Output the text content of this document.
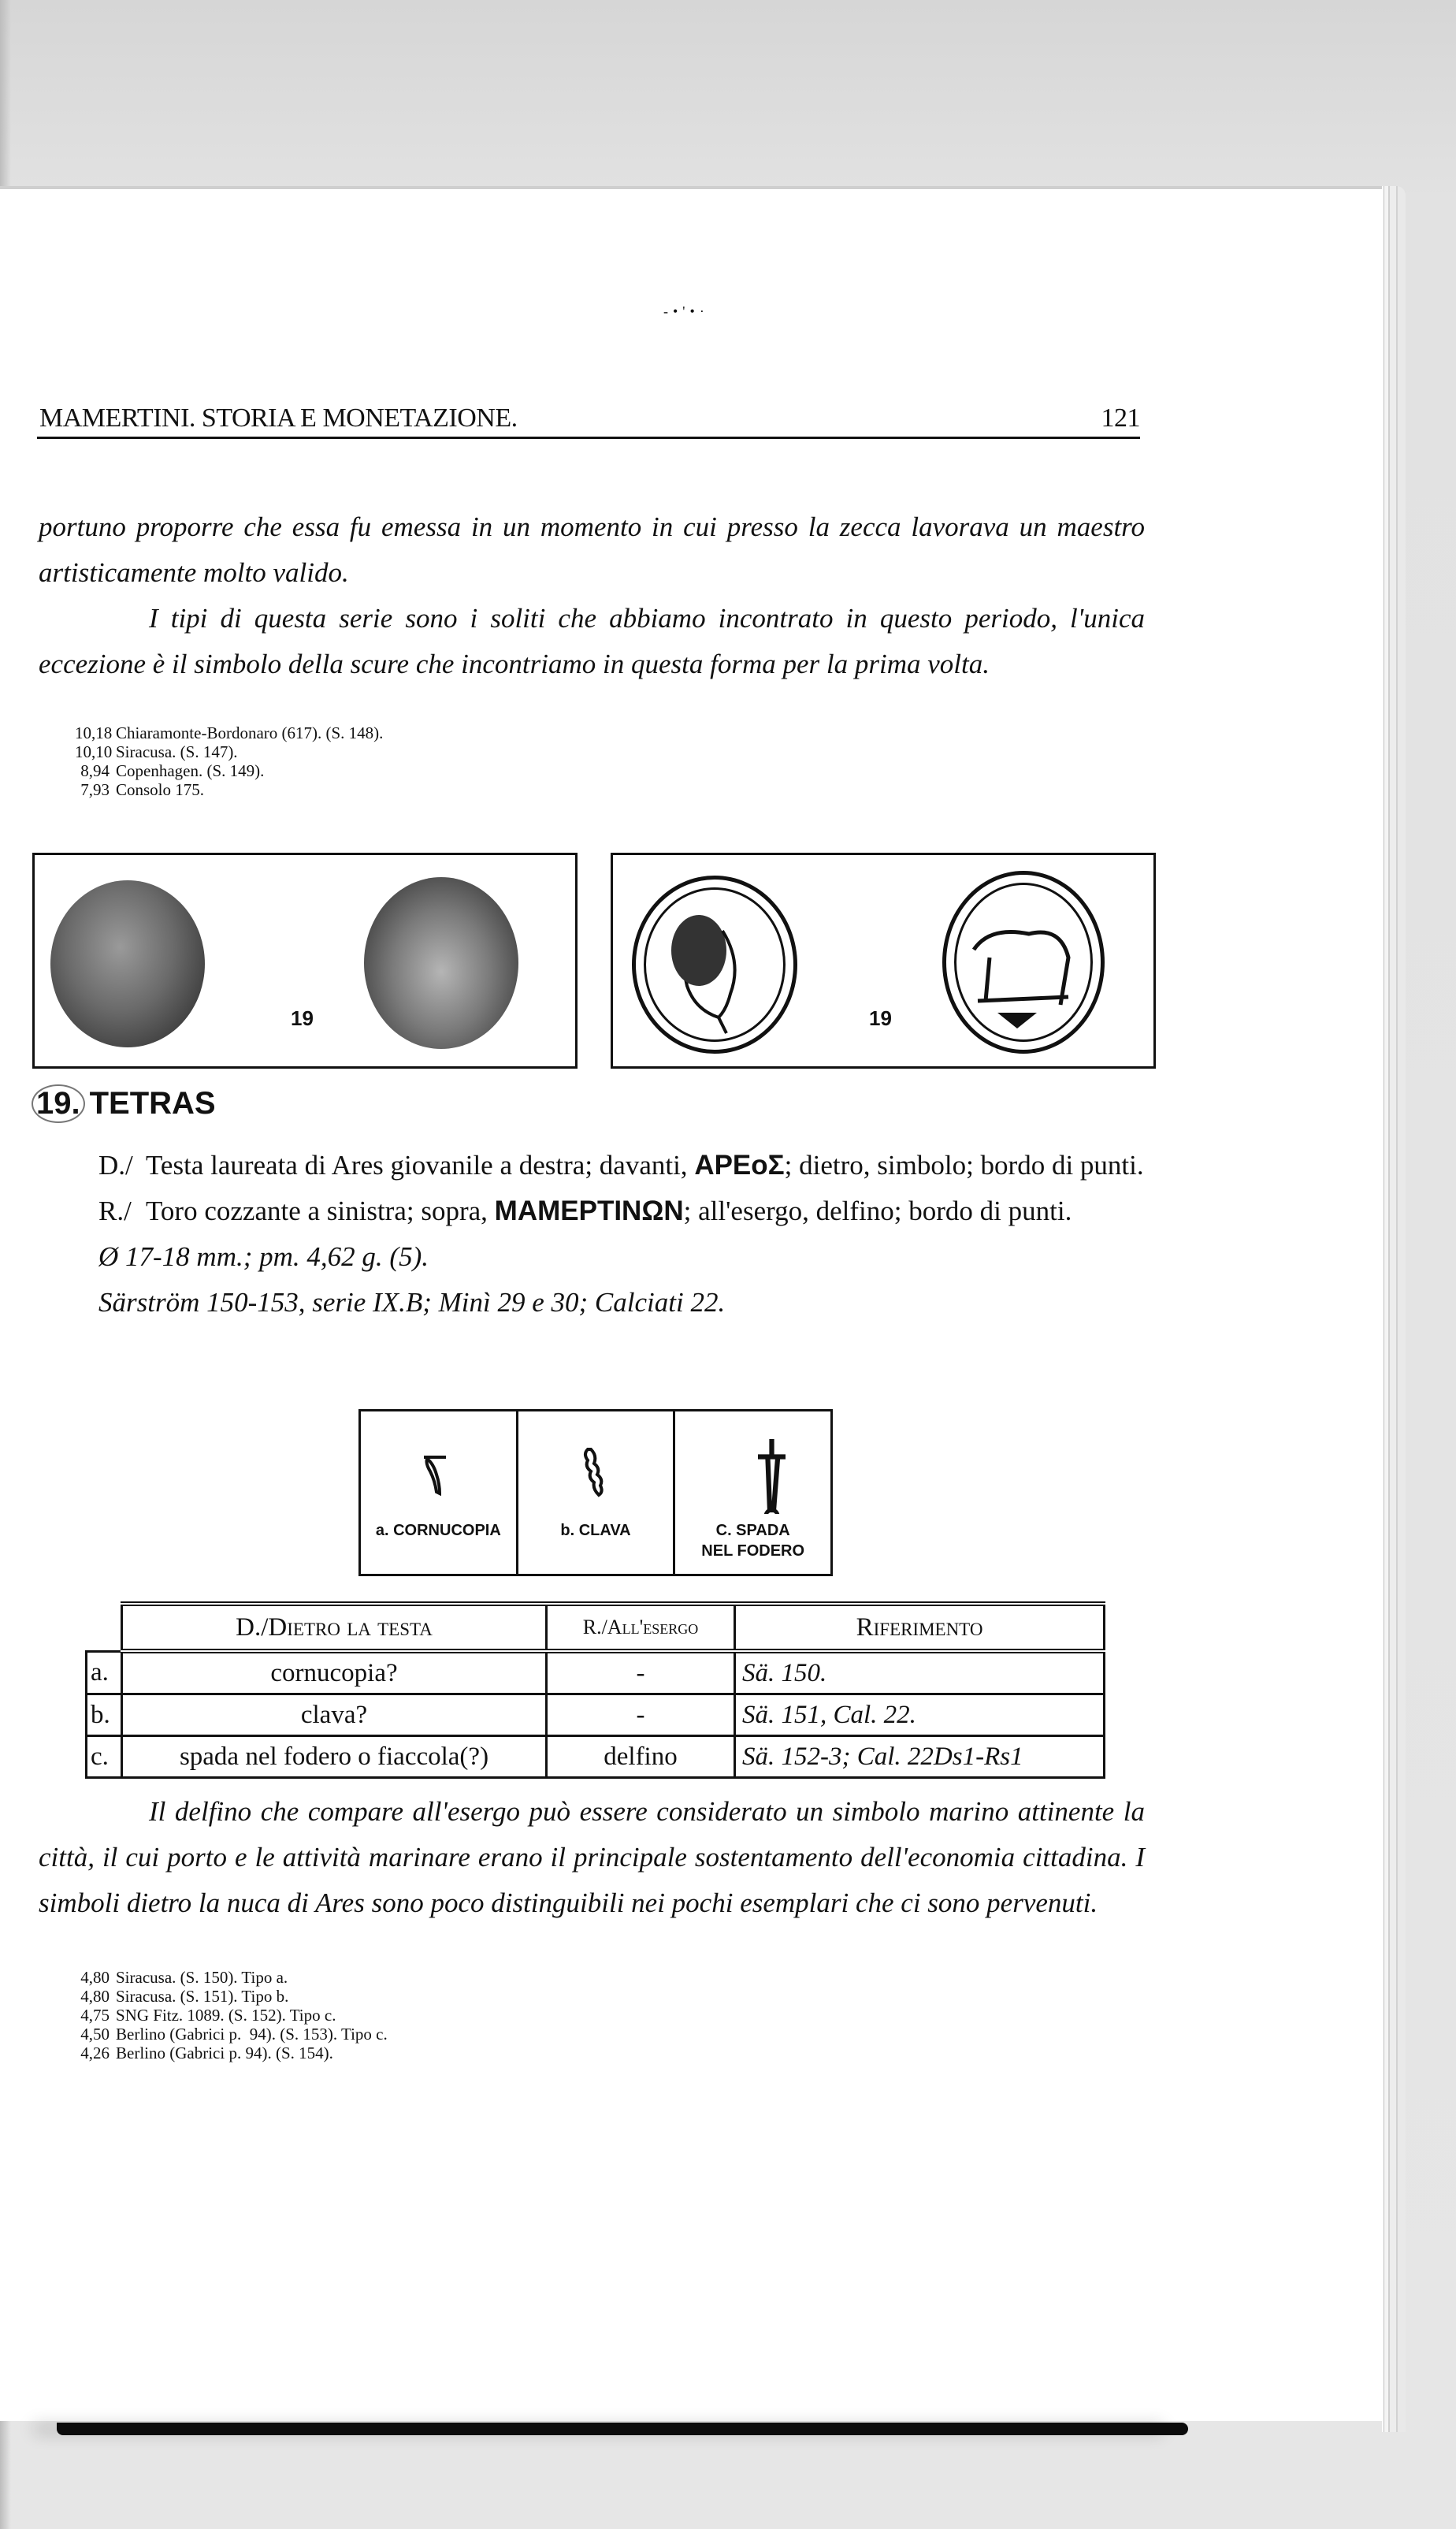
-•'•·
MAMERTINI. STORIA E MONETAZIONE.	121

portuno proporre che essa fu emessa in un momento in cui presso la zecca lavorava un maestro artisticamente molto valido.

I tipi di questa serie sono i soliti che abbiamo incontrato in questo periodo, l'unica eccezione è il simbolo della scure che incontriamo in questa forma per la prima volta.

10,18 Chiaramonte-Bordonaro (617). (S. 148).
10,10 Siracusa. (S. 147).
8,94 Copenhagen. (S. 149).
7,93 Consolo 175.
19	19
19. TETRAS
D./ Testa laureata di Ares giovanile a destra; davanti, ΑΡΕοΣ; dietro, simbolo; bordo di punti.
R./ Toro cozzante a sinistra; sopra, ΜΑΜΕΡΤΙΝΩΝ; all'esergo, delfino; bordo di punti.
Ø 17-18 mm.; pm. 4,62 g. (5).
Särström 150-153, serie IX.B; Minì 29 e 30; Calciati 22.
a. CORNUCOPIA	b. CLAVA	C. SPADA
NEL FODERO
	D./Dietro la testa	R./All'esergo	Riferimento
a.	cornucopia?	-	Sä. 150.
b.	clava?	-	Sä. 151, Cal. 22.
c.	spada nel fodero o fiaccola(?)	delfino	Sä. 152-3; Cal. 22Ds1-Rs1

Il delfino che compare all'esergo può essere considerato un simbolo marino attinente la città, il cui porto e le attività marinare erano il principale sostentamento dell'economia cittadina. I simboli dietro la nuca di Ares sono poco distinguibili nei pochi esemplari che ci sono pervenuti.

4,80 Siracusa. (S. 150). Tipo a.
4,80 Siracusa. (S. 151). Tipo b.
4,75 SNG Fitz. 1089. (S. 152). Tipo c.
4,50 Berlino (Gabrici p.  94). (S. 153). Tipo c.
4,26 Berlino (Gabrici p. 94). (S. 154).
